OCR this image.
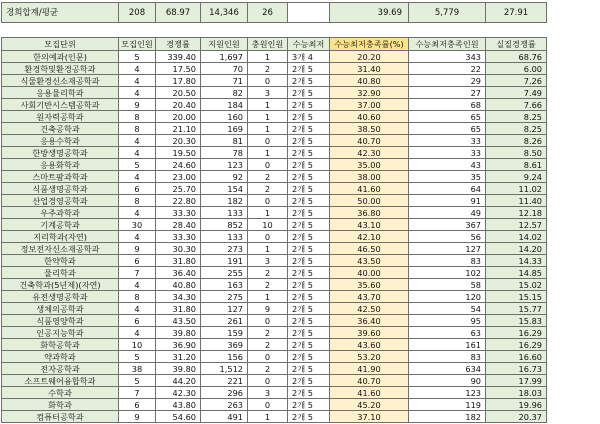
경희합계/평균	208	68.97	14,346	26		39.69	5,779	27.91
모집단위	모집인원	경쟁률	지원인원	충원인원	수능최저	수능최저충족률(%)	수능최저충족인원	실질경쟁률
한의예과(인문)	5	339.40	1,697	1	3개 4	20.20	343	68.76
환경학및환경공학과	4	17.50	70	2	2개 5	31.40	22	6.00
식물환경신소재공학과	4	17.80	71	0	2개 5	40.80	29	7.26
응용물리학과	4	20.50	82	3	2개 5	32.90	27	7.49
사회기반시스템공학과	9	20.40	184	1	2개 5	37.00	68	7.66
원자력공학과	8	20.00	160	1	2개 5	40.60	65	8.25
건축공학과	8	21.10	169	1	2개 5	38.50	65	8.25
응용수학과	4	20.30	81	0	2개 5	40.70	33	8.26
한방생명공학과	4	19.50	78	1	2개 5	42.30	33	8.50
응용화학과	5	24.60	123	0	2개 5	35.00	43	8.61
스마트팜과학과	4	23.00	92	2	2개 5	38.00	35	9.24
식품생명공학과	6	25.70	154	2	2개 5	41.60	64	11.02
산업경영공학과	8	22.80	182	0	2개 5	50.00	91	11.40
우주과학과	4	33.30	133	1	2개 5	36.80	49	12.18
기계공학과	30	28.40	852	10	2개 5	43.10	367	12.57
지리학과(자연)	4	33.30	133	0	2개 5	42.10	56	14.02
정보전자신소재공학과	9	30.30	273	1	2개 5	46.50	127	14.20
한약학과	6	31.80	191	3	2개 5	43.50	83	14.33
물리학과	7	36.40	255	2	2개 5	40.00	102	14.85
건축학과(5년제)(자연)	4	40.80	163	2	2개 5	35.60	58	15.02
유전생명공학과	8	34.30	275	1	2개 5	43.70	120	15.15
생체의공학과	4	31.80	127	9	2개 5	42.50	54	15.77
식품영양학과	6	43.50	261	0	2개 5	36.40	95	15.83
인공지능학과	4	39.80	159	2	2개 5	39.60	63	16.29
화학공학과	10	36.90	369	2	2개 5	43.60	161	16.29
약과학과	5	31.20	156	0	2개 5	53.20	83	16.60
전자공학과	38	39.80	1,512	2	2개 5	41.90	634	16.73
소프트웨어융합학과	5	44.20	221	0	2개 5	40.70	90	17.99
수학과	7	42.30	296	3	2개 5	41.60	123	18.03
화학과	6	43.80	263	0	2개 5	45.20	119	19.96
컴퓨터공학과	9	54.60	491	1	2개 5	37.10	182	20.37
